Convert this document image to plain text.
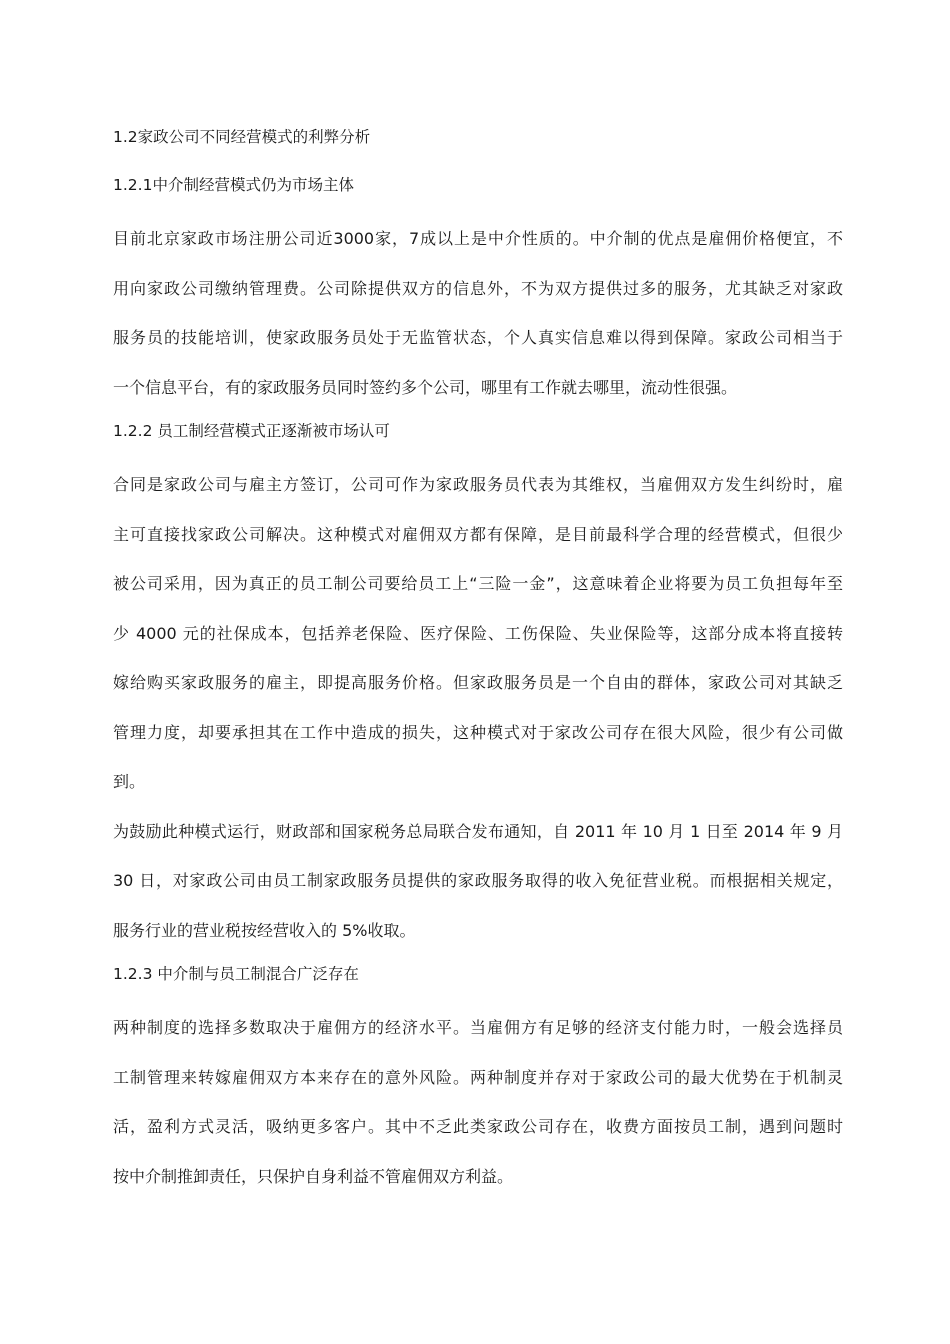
1.2家政公司不同经营模式的利弊分析
1.2.1中介制经营模式仍为市场主体
目前北京家政市场注册公司近3000家，7成以上是中介性质的。中介制的优点是雇佣价格便宜，不
用向家政公司缴纳管理费。公司除提供双方的信息外，不为双方提供过多的服务，尤其缺乏对家政
服务员的技能培训，使家政服务员处于无监管状态，个人真实信息难以得到保障。家政公司相当于
一个信息平台，有的家政服务员同时签约多个公司，哪里有工作就去哪里，流动性很强。
1.2.2 员工制经营模式正逐渐被市场认可
合同是家政公司与雇主方签订，公司可作为家政服务员代表为其维权，当雇佣双方发生纠纷时，雇
主可直接找家政公司解决。这种模式对雇佣双方都有保障，是目前最科学合理的经营模式，但很少
被公司采用，因为真正的员工制公司要给员工上“三险一金”，这意味着企业将要为员工负担每年至
少 4000 元的社保成本，包括养老保险、医疗保险、工伤保险、失业保险等，这部分成本将直接转
嫁给购买家政服务的雇主，即提高服务价格。但家政服务员是一个自由的群体，家政公司对其缺乏
管理力度，却要承担其在工作中造成的损失，这种模式对于家改公司存在很大风险，很少有公司做
到。
为鼓励此种模式运行，财政部和国家税务总局联合发布通知，自 2011 年 10 月 1 日至 2014 年 9 月
30 日，对家政公司由员工制家政服务员提供的家政服务取得的收入免征营业税。而根据相关规定，
服务行业的营业税按经营收入的 5%收取。
1.2.3 中介制与员工制混合广泛存在
两种制度的选择多数取决于雇佣方的经济水平。当雇佣方有足够的经济支付能力时，一般会选择员
工制管理来转嫁雇佣双方本来存在的意外风险。两种制度并存对于家政公司的最大优势在于机制灵
活，盈利方式灵活，吸纳更多客户。其中不乏此类家政公司存在，收费方面按员工制，遇到问题时
按中介制推卸责任，只保护自身利益不管雇佣双方利益。
